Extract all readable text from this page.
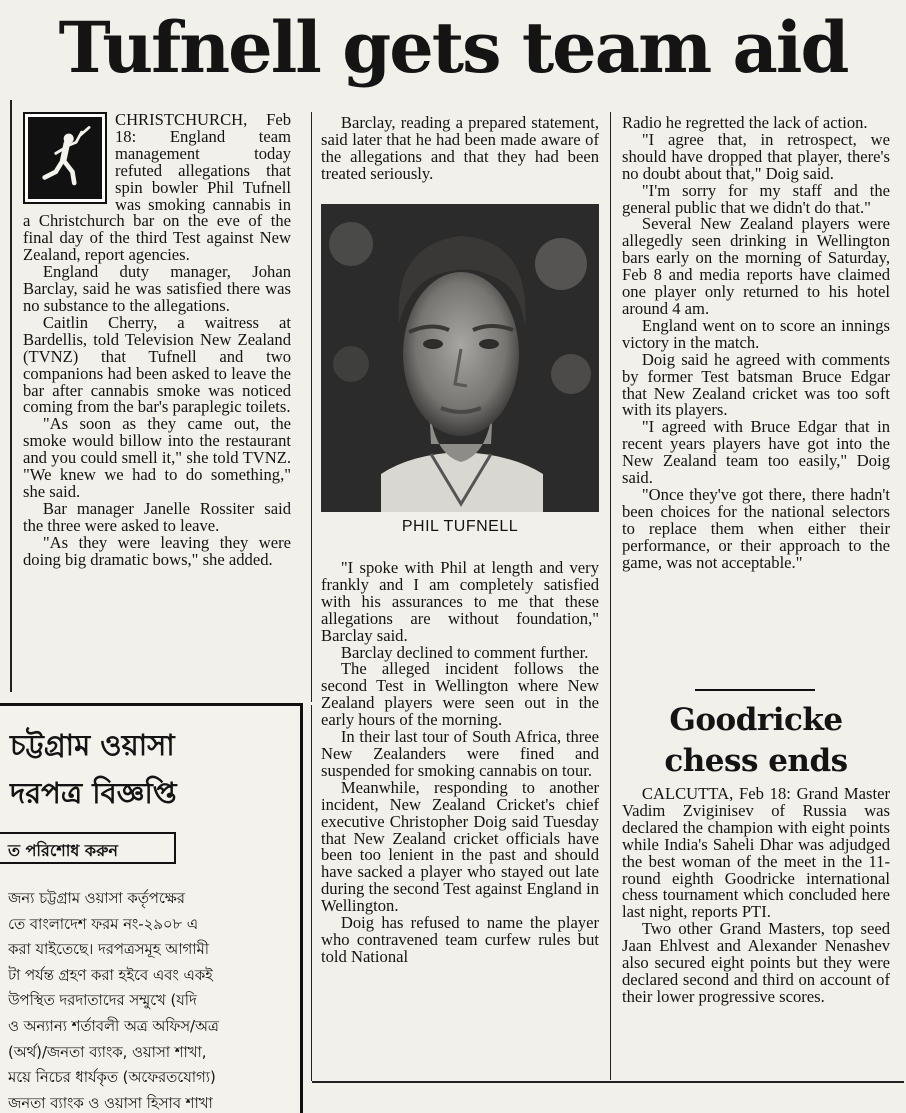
Tufnell gets team aid

CHRISTCHURCH, Feb 18: England team management today refuted allegations that spin bowler Phil Tufnell was smoking cannabis in a Christchurch bar on the eve of the final day of the third Test against New Zealand, report agencies.

England duty manager, Johan Barclay, said he was satisfied there was no substance to the allegations.

Caitlin Cherry, a waitress at Bardellis, told Television New Zealand (TVNZ) that Tufnell and two companions had been asked to leave the bar after cannabis smoke was noticed coming from the bar's paraplegic toilets.

"As soon as they came out, the smoke would billow into the restaurant and you could smell it," she told TVNZ. "We knew we had to do something," she said.

Bar manager Janelle Rossiter said the three were asked to leave.

"As they were leaving they were doing big dramatic bows," she added.

Barclay, reading a prepared statement, said later that he had been made aware of the allegations and that they had been treated seriously.

PHIL TUFNELL

"I spoke with Phil at length and very frankly and I am completely satisfied with his assurances to me that these allegations are without foundation," Barclay said.

Barclay declined to comment further.

The alleged incident follows the second Test in Wellington where New Zealand players were seen out in the early hours of the morning.

In their last tour of South Africa, three New Zealanders were fined and suspended for smoking cannabis on tour.

Meanwhile, responding to another incident, New Zealand Cricket's chief executive Christopher Doig said Tuesday that New Zealand cricket officials have been too lenient in the past and should have sacked a player who stayed out late during the second Test against England in Wellington.

Doig has refused to name the player who contravened team curfew rules but told National

Radio he regretted the lack of action.

"I agree that, in retrospect, we should have dropped that player, there's no doubt about that," Doig said.

"I'm sorry for my staff and the general public that we didn't do that."

Several New Zealand players were allegedly seen drinking in Wellington bars early on the morning of Saturday, Feb 8 and media reports have claimed one player only returned to his hotel around 4 am.

England went on to score an innings victory in the match.

Doig said he agreed with comments by former Test batsman Bruce Edgar that New Zealand cricket was too soft with its players.

"I agreed with Bruce Edgar that in recent years players have got into the New Zealand team too easily," Doig said.

"Once they've got there, there hadn't been choices for the national selectors to replace them when either their performance, or their approach to the game, was not acceptable."

Goodricke chess ends

CALCUTTA, Feb 18: Grand Master Vadim Zviginisev of Russia was declared the champion with eight points while India's Saheli Dhar was adjudged the best woman of the meet in the 11-round eighth Goodricke international chess tournament which concluded here last night, reports PTI.

Two other Grand Masters, top seed Jaan Ehlvest and Alexander Nenashev also secured eight points but they were declared second and third on account of their lower progressive scores.

চট্টগ্রাম ওয়াসা
দরপত্র বিজ্ঞপ্তি
ত পরিশোধ করুন
জন্য চট্টগ্রাম ওয়াসা কর্তৃপক্ষের
তে বাংলাদেশ ফরম নং-২৯০৮ এ
করা যাইতেছে। দরপত্রসমূহ আগামী
টা পর্যন্ত গ্রহণ করা হইবে এবং একই
উপস্থিত দরদাতাদের সম্মুখে (যদি
ও অন্যান্য শর্তাবলী অত্র অফিস/অত্র
(অর্থ)/জনতা ব্যাংক, ওয়াসা শাখা,
ময়ে নিচের ধার্যকৃত (অফেরতযোগ্য)
জনতা ব্যাংক ও ওয়াসা হিসাব শাখা
